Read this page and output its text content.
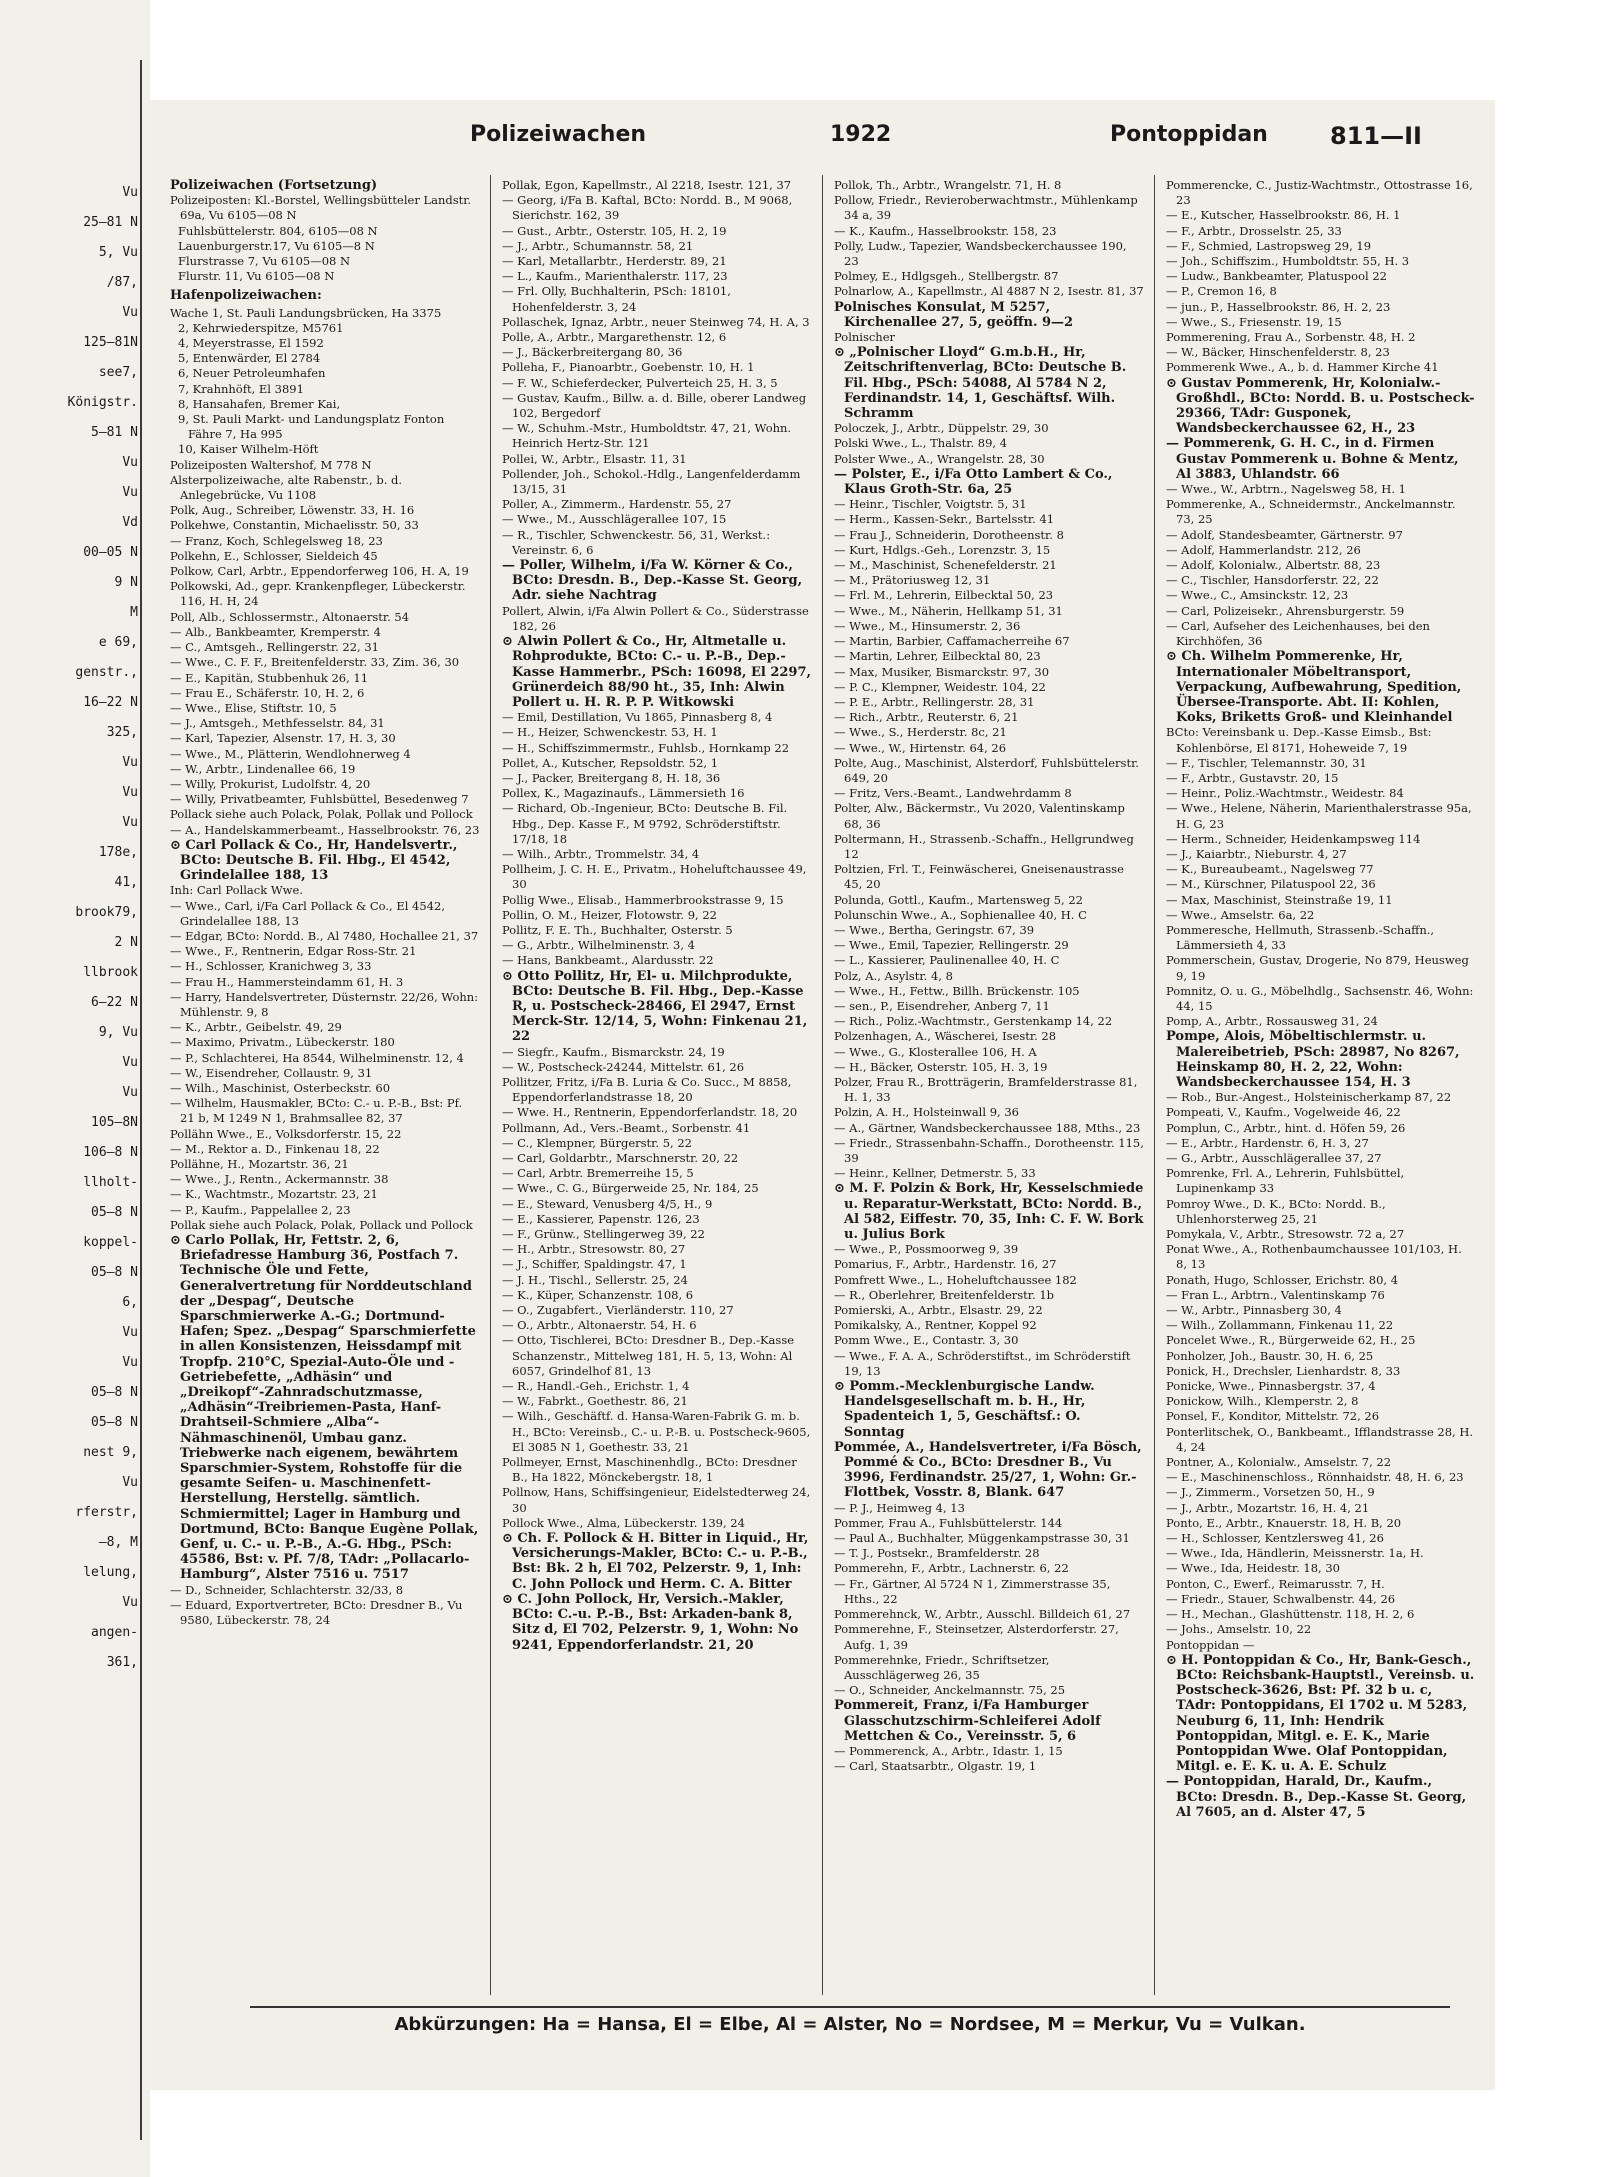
Vu
25—81 N
5, Vu
/87,
Vu
125—81N
see7,
Königstr.
5—81 N
Vu
Vu
Vd
00—05 N
9 N
M
e 69,
genstr.,
16—22 N
325,
Vu
Vu
Vu
178e,
41,
brook79,
2 N
llbrook
6—22 N
9, Vu
Vu
Vu
105—8N
106—8 N
llholt-
05—8 N
koppel-
05—8 N
6,
Vu
Vu
05—8 N
05—8 N
nest 9,
Vu
rferstr,
—8, M
lelung,
Vu
angen-
361,
Polizeiwachen	1922	Pontoppidan	811—II

Polizeiwachen (Fortsetzung)

Polizeiposten: Kl.-Borstel, Wellingsbütteler Landstr. 69a, Vu 6105—08 N

Fuhlsbüttelerstr. 804, 6105—08 N

Lauenburgerstr.17, Vu 6105—8 N

Flurstrasse 7, Vu 6105—08 N

Flurstr. 11, Vu 6105—08 N

Hafenpolizeiwachen:

Wache 1, St. Pauli Landungsbrücken, Ha 3375

2, Kehrwiederspitze, M5761

4, Meyerstrasse, El 1592

5, Entenwärder, El 2784

6, Neuer Petroleumhafen

7, Krahnhöft, El 3891

8, Hansahafen, Bremer Kai,

9, St. Pauli Markt- und Landungsplatz Fonton Fähre 7, Ha 995

10, Kaiser Wilhelm-Höft

Polizeiposten Waltershof, M 778 N

Alsterpolizeiwache, alte Rabenstr., b. d. Anlegebrücke, Vu 1108

Polk, Aug., Schreiber, Löwenstr. 33, H. 16

Polkehwe, Constantin, Michaelisstr. 50, 33

— Franz, Koch, Schlegelsweg 18, 23

Polkehn, E., Schlosser, Sieldeich 45

Polkow, Carl, Arbtr., Eppendorferweg 106, H. A, 19

Polkowski, Ad., gepr. Krankenpfleger, Lübeckerstr. 116, H. H, 24

Poll, Alb., Schlossermstr., Altonaerstr. 54

— Alb., Bankbeamter, Kremperstr. 4

— C., Amtsgeh., Rellingerstr. 22, 31

— Wwe., C. F. F., Breitenfelderstr. 33, Zim. 36, 30

— E., Kapitän, Stubbenhuk 26, 11

— Frau E., Schäferstr. 10, H. 2, 6

— Wwe., Elise, Stiftstr. 10, 5

— J., Amtsgeh., Methfesselstr. 84, 31

— Karl, Tapezier, Alsenstr. 17, H. 3, 30

— Wwe., M., Plätterin, Wendlohnerweg 4

— W., Arbtr., Lindenallee 66, 19

— Willy, Prokurist, Ludolfstr. 4, 20

— Willy, Privatbeamter, Fuhlsbüttel, Besedenweg 7

Pollack siehe auch Polack, Polak, Pollak und Pollock

— A., Handelskammerbeamt., Hasselbrookstr. 76, 23

⊙ Carl Pollack & Co., Hr, Handelsvertr., BCto: Deutsche B. Fil. Hbg., El 4542, Grindelallee 188, 13

Inh: Carl Pollack Wwe.

— Wwe., Carl, i/Fa Carl Pollack & Co., El 4542, Grindelallee 188, 13

— Edgar, BCto: Nordd. B., Al 7480, Hochallee 21, 37

— Wwe., F., Rentnerin, Edgar Ross-Str. 21

— H., Schlosser, Kranichweg 3, 33

— Frau H., Hammersteindamm 61, H. 3

— Harry, Handelsvertreter, Düsternstr. 22/26, Wohn: Mühlenstr. 9, 8

— K., Arbtr., Geibelstr. 49, 29

— Maximo, Privatm., Lübeckerstr. 180

— P., Schlachterei, Ha 8544, Wilhelminenstr. 12, 4

— W., Eisendreher, Collaustr. 9, 31

— Wilh., Maschinist, Osterbeckstr. 60

— Wilhelm, Hausmakler, BCto: C.- u. P.-B., Bst: Pf. 21 b, M 1249 N 1, Brahmsallee 82, 37

Pollähn Wwe., E., Volksdorferstr. 15, 22

— M., Rektor a. D., Finkenau 18, 22

Pollähne, H., Mozartstr. 36, 21

— Wwe., J., Rentn., Ackermannstr. 38

— K., Wachtmstr., Mozartstr. 23, 21

— P., Kaufm., Pappelallee 2, 23

Pollak siehe auch Polack, Polak, Pollack und Pollock

⊙ Carlo Pollak, Hr, Fettstr. 2, 6, Briefadresse Hamburg 36, Postfach 7. Technische Öle und Fette, Generalvertretung für Norddeutschland der „Despag“, Deutsche Sparschmierwerke A.-G.; Dortmund-Hafen; Spez. „Despag“ Sparschmierfette in allen Konsistenzen, Heissdampf mit Tropfp. 210°C, Spezial-Auto-Öle und -Getriebefette, „Adhäsin“ und „Dreikopf“-Zahnradschutzmasse, „Adhäsin“-Treibriemen-Pasta, Hanf-Drahtseil-Schmiere „Alba“-Nähmaschinenöl, Umbau ganz. Triebwerke nach eigenem, bewährtem Sparschmier-System, Rohstoffe für die gesamte Seifen- u. Maschinenfett-Herstellung, Herstellg. sämtlich. Schmiermittel; Lager in Hamburg und Dortmund, BCto: Banque Eugène Pollak, Genf, u. C.- u. P.-B., A.-G. Hbg., PSch: 45586, Bst: v. Pf. 7/8, TAdr: „Pollacarlo-Hamburg“, Alster 7516 u. 7517

— D., Schneider, Schlachterstr. 32/33, 8

— Eduard, Exportvertreter, BCto: Dresdner B., Vu 9580, Lübeckerstr. 78, 24

Pollak, Egon, Kapellmstr., Al 2218, Isestr. 121, 37

— Georg, i/Fa B. Kaftal, BCto: Nordd. B., M 9068, Sierichstr. 162, 39

— Gust., Arbtr., Osterstr. 105, H. 2, 19

— J., Arbtr., Schumannstr. 58, 21

— Karl, Metallarbtr., Herderstr. 89, 21

— L., Kaufm., Marienthalerstr. 117, 23

— Frl. Olly, Buchhalterin, PSch: 18101, Hohenfelderstr. 3, 24

Pollaschek, Ignaz, Arbtr., neuer Steinweg 74, H. A, 3

Polle, A., Arbtr., Margarethenstr. 12, 6

— J., Bäckerbreitergang 80, 36

Polleha, F., Pianoarbtr., Goebenstr. 10, H. 1

— F. W., Schieferdecker, Pulverteich 25, H. 3, 5

— Gustav, Kaufm., Billw. a. d. Bille, oberer Landweg 102, Bergedorf

— W., Schuhm.-Mstr., Humboldtstr. 47, 21, Wohn. Heinrich Hertz-Str. 121

Pollei, W., Arbtr., Elsastr. 11, 31

Pollender, Joh., Schokol.-Hdlg., Langenfelderdamm 13/15, 31

Poller, A., Zimmerm., Hardenstr. 55, 27

— Wwe., M., Ausschlägerallee 107, 15

— R., Tischler, Schwenckestr. 56, 31, Werkst.: Vereinstr. 6, 6

— Poller, Wilhelm, i/Fa W. Körner & Co., BCto: Dresdn. B., Dep.-Kasse St. Georg, Adr. siehe Nachtrag

Pollert, Alwin, i/Fa Alwin Pollert & Co., Süderstrasse 182, 26

⊙ Alwin Pollert & Co., Hr, Altmetalle u. Rohprodukte, BCto: C.- u. P.-B., Dep.-Kasse Hammerbr., PSch: 16098, El 2297, Grünerdeich 88/90 ht., 35, Inh: Alwin Pollert u. H. R. P. P. Witkowski

— Emil, Destillation, Vu 1865, Pinnasberg 8, 4

— H., Heizer, Schwenckestr. 53, H. 1

— H., Schiffszimmermstr., Fuhlsb., Hornkamp 22

Pollet, A., Kutscher, Repsoldstr. 52, 1

— J., Packer, Breitergang 8, H. 18, 36

Pollex, K., Magazinaufs., Lämmersieth 16

— Richard, Ob.-Ingenieur, BCto: Deutsche B. Fil. Hbg., Dep. Kasse F., M 9792, Schröderstiftstr. 17/18, 18

— Wilh., Arbtr., Trommelstr. 34, 4

Pollheim, J. C. H. E., Privatm., Hoheluftchaussee 49, 30

Pollig Wwe., Elisab., Hammerbrookstrasse 9, 15

Pollin, O. M., Heizer, Flotowstr. 9, 22

Pollitz, F. E. Th., Buchhalter, Osterstr. 5

— G., Arbtr., Wilhelminenstr. 3, 4

— Hans, Bankbeamt., Alardusstr. 22

⊙ Otto Pollitz, Hr, El- u. Milchprodukte, BCto: Deutsche B. Fil. Hbg., Dep.-Kasse R, u. Postscheck-28466, El 2947, Ernst Merck-Str. 12/14, 5, Wohn: Finkenau 21, 22

— Siegfr., Kaufm., Bismarckstr. 24, 19

— W., Postscheck-24244, Mittelstr. 61, 26

Pollitzer, Fritz, i/Fa B. Luria & Co. Succ., M 8858, Eppendorferlandstrasse 18, 20

— Wwe. H., Rentnerin, Eppendorferlandstr. 18, 20

Pollmann, Ad., Vers.-Beamt., Sorbenstr. 41

— C., Klempner, Bürgerstr. 5, 22

— Carl, Goldarbtr., Marschnerstr. 20, 22

— Carl, Arbtr. Bremerreihe 15, 5

— Wwe., C. G., Bürgerweide 25, Nr. 184, 25

— E., Steward, Venusberg 4/5, H., 9

— E., Kassierer, Papenstr. 126, 23

— F., Grünw., Stellingerweg 39, 22

— H., Arbtr., Stresowstr. 80, 27

— J., Schiffer, Spaldingstr. 47, 1

— J. H., Tischl., Sellerstr. 25, 24

— K., Küper, Schanzenstr. 108, 6

— O., Zugabfert., Vierländerstr. 110, 27

— O., Arbtr., Altonaerstr. 54, H. 6

— Otto, Tischlerei, BCto: Dresdner B., Dep.-Kasse Schanzenstr., Mittelweg 181, H. 5, 13, Wohn: Al 6057, Grindelhof 81, 13

— R., Handl.-Geh., Erichstr. 1, 4

— W., Fabrkt., Goethestr. 86, 21

— Wilh., Geschäftf. d. Hansa-Waren-Fabrik G. m. b. H., BCto: Vereinsb., C.- u. P.-B. u. Postscheck-9605, El 3085 N 1, Goethestr. 33, 21

Pollmeyer, Ernst, Maschinenhdlg., BCto: Dresdner B., Ha 1822, Mönckebergstr. 18, 1

Pollnow, Hans, Schiffsingenieur, Eidelstedterweg 24, 30

Pollock Wwe., Alma, Lübeckerstr. 139, 24

⊙ Ch. F. Pollock & H. Bitter in Liquid., Hr, Versicherungs-Makler, BCto: C.- u. P.-B., Bst: Bk. 2 h, El 702, Pelzerstr. 9, 1, Inh: C. John Pollock und Herm. C. A. Bitter

⊙ C. John Pollock, Hr, Versich.-Makler, BCto: C.-u. P.-B., Bst: Arkaden-bank 8, Sitz d, El 702, Pelzerstr. 9, 1, Wohn: No 9241, Eppendorferlandstr. 21, 20

Pollok, Th., Arbtr., Wrangelstr. 71, H. 8

Pollow, Friedr., Revieroberwachtmstr., Mühlenkamp 34 a, 39

— K., Kaufm., Hasselbrookstr. 158, 23

Polly, Ludw., Tapezier, Wandsbeckerchaussee 190, 23

Polmey, E., Hdlgsgeh., Stellbergstr. 87

Polnarlow, A., Kapellmstr., Al 4887 N 2, Isestr. 81, 37

Polnisches Konsulat, M 5257, Kirchenallee 27, 5, geöffn. 9—2

Polnischer

⊙ „Polnischer Lloyd“ G.m.b.H., Hr, Zeitschriftenverlag, BCto: Deutsche B. Fil. Hbg., PSch: 54088, Al 5784 N 2, Ferdinandstr. 14, 1, Geschäftsf. Wilh. Schramm

Poloczek, J., Arbtr., Düppelstr. 29, 30

Polski Wwe., L., Thalstr. 89, 4

Polster Wwe., A., Wrangelstr. 28, 30

— Polster, E., i/Fa Otto Lambert & Co., Klaus Groth-Str. 6a, 25

— Heinr., Tischler, Voigtstr. 5, 31

— Herm., Kassen-Sekr., Bartelsstr. 41

— Frau J., Schneiderin, Dorotheenstr. 8

— Kurt, Hdlgs.-Geh., Lorenzstr. 3, 15

— M., Maschinist, Schenefelderstr. 21

— M., Prätoriusweg 12, 31

— Frl. M., Lehrerin, Eilbecktal 50, 23

— Wwe., M., Näherin, Hellkamp 51, 31

— Wwe., M., Hinsumerstr. 2, 36

— Martin, Barbier, Caffamacherreihe 67

— Martin, Lehrer, Eilbecktal 80, 23

— Max, Musiker, Bismarckstr. 97, 30

— P. C., Klempner, Weidestr. 104, 22

— P. E., Arbtr., Rellingerstr. 28, 31

— Rich., Arbtr., Reuterstr. 6, 21

— Wwe., S., Herderstr. 8c, 21

— Wwe., W., Hirtenstr. 64, 26

Polte, Aug., Maschinist, Alsterdorf, Fuhlsbüttelerstr. 649, 20

— Fritz, Vers.-Beamt., Landwehrdamm 8

Polter, Alw., Bäckermstr., Vu 2020, Valentinskamp 68, 36

Poltermann, H., Strassenb.-Schaffn., Hellgrundweg 12

Poltzien, Frl. T., Feinwäscherei, Gneisenaustrasse 45, 20

Polunda, Gottl., Kaufm., Martensweg 5, 22

Polunschin Wwe., A., Sophienallee 40, H. C

— Wwe., Bertha, Geringstr. 67, 39

— Wwe., Emil, Tapezier, Rellingerstr. 29

— L., Kassierer, Paulinenallee 40, H. C

Polz, A., Asylstr. 4, 8

— Wwe., H., Fettw., Billh. Brückenstr. 105

— sen., P., Eisendreher, Anberg 7, 11

— Rich., Poliz.-Wachtmstr., Gerstenkamp 14, 22

Polzenhagen, A., Wäscherei, Isestr. 28

— Wwe., G., Klosterallee 106, H. A

— H., Bäcker, Osterstr. 105, H. 3, 19

Polzer, Frau R., Brotträgerin, Bramfelderstrasse 81, H. 1, 33

Polzin, A. H., Holsteinwall 9, 36

— A., Gärtner, Wandsbeckerchaussee 188, Mths., 23

— Friedr., Strassenbahn-Schaffn., Dorotheenstr. 115, 39

— Heinr., Kellner, Detmerstr. 5, 33

⊙ M. F. Polzin & Bork, Hr, Kesselschmiede u. Reparatur-Werkstatt, BCto: Nordd. B., Al 582, Eiffestr. 70, 35, Inh: C. F. W. Bork u. Julius Bork

— Wwe., P., Possmoorweg 9, 39

Pomarius, F., Arbtr., Hardenstr. 16, 27

Pomfrett Wwe., L., Hoheluftchaussee 182

— R., Oberlehrer, Breitenfelderstr. 1b

Pomierski, A., Arbtr., Elsastr. 29, 22

Pomikalsky, A., Rentner, Koppel 92

Pomm Wwe., E., Contastr. 3, 30

— Wwe., F. A. A., Schröderstiftst., im Schröderstift 19, 13

⊙ Pomm.-Mecklenburgische Landw. Handelsgesellschaft m. b. H., Hr, Spadenteich 1, 5, Geschäftsf.: O. Sonntag

Pommée, A., Handelsvertreter, i/Fa Bösch, Pommé & Co., BCto: Dresdner B., Vu 3996, Ferdinandstr. 25/27, 1, Wohn: Gr.-Flottbek, Vosstr. 8, Blank. 647

— P. J., Heimweg 4, 13

Pommer, Frau A., Fuhlsbüttelerstr. 144

— Paul A., Buchhalter, Müggenkampstrasse 30, 31

— T. J., Postsekr., Bramfelderstr. 28

Pommerehn, F., Arbtr., Lachnerstr. 6, 22

— Fr., Gärtner, Al 5724 N 1, Zimmerstrasse 35, Hths., 22

Pommerehnck, W., Arbtr., Ausschl. Billdeich 61, 27

Pommerehne, F., Steinsetzer, Alsterdorferstr. 27, Aufg. 1, 39

Pommerehnke, Friedr., Schriftsetzer, Ausschlägerweg 26, 35

— O., Schneider, Anckelmannstr. 75, 25

Pommereit, Franz, i/Fa Hamburger Glasschutzschirm-Schleiferei Adolf Mettchen & Co., Vereinsstr. 5, 6

— Pommerenck, A., Arbtr., Idastr. 1, 15

— Carl, Staatsarbtr., Olgastr. 19, 1

Pommerencke, C., Justiz-Wachtmstr., Ottostrasse 16, 23

— E., Kutscher, Hasselbrookstr. 86, H. 1

— F., Arbtr., Drosselstr. 25, 33

— F., Schmied, Lastropsweg 29, 19

— Joh., Schiffszim., Humboldtstr. 55, H. 3

— Ludw., Bankbeamter, Platuspool 22

— P., Cremon 16, 8

— jun., P., Hasselbrookstr. 86, H. 2, 23

— Wwe., S., Friesenstr. 19, 15

Pommerening, Frau A., Sorbenstr. 48, H. 2

— W., Bäcker, Hinschenfelderstr. 8, 23

Pommerenk Wwe., A., b. d. Hammer Kirche 41

⊙ Gustav Pommerenk, Hr, Kolonialw.-Großhdl., BCto: Nordd. B. u. Postscheck-29366, TAdr: Gusponek, Wandsbeckerchaussee 62, H., 23

— Pommerenk, G. H. C., in d. Firmen Gustav Pommerenk u. Bohne & Mentz, Al 3883, Uhlandstr. 66

— Wwe., W., Arbtrn., Nagelsweg 58, H. 1

Pommerenke, A., Schneidermstr., Anckelmannstr. 73, 25

— Adolf, Standesbeamter, Gärtnerstr. 97

— Adolf, Hammerlandstr. 212, 26

— Adolf, Kolonialw., Albertstr. 88, 23

— C., Tischler, Hansdorferstr. 22, 22

— Wwe., C., Amsinckstr. 12, 23

— Carl, Polizeisekr., Ahrensburgerstr. 59

— Carl, Aufseher des Leichenhauses, bei den Kirchhöfen, 36

⊙ Ch. Wilhelm Pommerenke, Hr, Internationaler Möbeltransport, Verpackung, Aufbewahrung, Spedition, Übersee-Transporte. Abt. II: Kohlen, Koks, Briketts Groß- und Kleinhandel

BCto: Vereinsbank u. Dep.-Kasse Eimsb., Bst: Kohlenbörse, El 8171, Hoheweide 7, 19

— F., Tischler, Telemannstr. 30, 31

— F., Arbtr., Gustavstr. 20, 15

— Heinr., Poliz.-Wachtmstr., Weidestr. 84

— Wwe., Helene, Näherin, Marienthalerstrasse 95a, H. G, 23

— Herm., Schneider, Heidenkampsweg 114

— J., Kaiarbtr., Nieburstr. 4, 27

— K., Bureaubeamt., Nagelsweg 77

— M., Kürschner, Pilatuspool 22, 36

— Max, Maschinist, Steinstraße 19, 11

— Wwe., Amselstr. 6a, 22

Pommeresche, Hellmuth, Strassenb.-Schaffn., Lämmersieth 4, 33

Pommerschein, Gustav, Drogerie, No 879, Heusweg 9, 19

Pomnitz, O. u. G., Möbelhdlg., Sachsenstr. 46, Wohn: 44, 15

Pomp, A., Arbtr., Rossausweg 31, 24

Pompe, Alois, Möbeltischlermstr. u. Malereibetrieb, PSch: 28987, No 8267, Heinskamp 80, H. 2, 22, Wohn: Wandsbeckerchaussee 154, H. 3

— Rob., Bur.-Angest., Holsteinischerkamp 87, 22

Pompeati, V., Kaufm., Vogelweide 46, 22

Pomplun, C., Arbtr., hint. d. Höfen 59, 26

— E., Arbtr., Hardenstr. 6, H. 3, 27

— G., Arbtr., Ausschlägerallee 37, 27

Pomrenke, Frl. A., Lehrerin, Fuhlsbüttel, Lupinenkamp 33

Pomroy Wwe., D. K., BCto: Nordd. B., Uhlenhorsterweg 25, 21

Pomykala, V., Arbtr., Stresowstr. 72 a, 27

Ponat Wwe., A., Rothenbaumchaussee 101/103, H. 8, 13

Ponath, Hugo, Schlosser, Erichstr. 80, 4

— Fran L., Arbtrn., Valentinskamp 76

— W., Arbtr., Pinnasberg 30, 4

— Wilh., Zollammann, Finkenau 11, 22

Poncelet Wwe., R., Bürgerweide 62, H., 25

Ponholzer, Joh., Baustr. 30, H. 6, 25

Ponick, H., Drechsler, Lienhardstr. 8, 33

Ponicke, Wwe., Pinnasbergstr. 37, 4

Ponickow, Wilh., Klemperstr. 2, 8

Ponsel, F., Konditor, Mittelstr. 72, 26

Ponterlitschek, O., Bankbeamt., Ifflandstrasse 28, H. 4, 24

Pontner, A., Kolonialw., Amselstr. 7, 22

— E., Maschinenschloss., Rönnhaidstr. 48, H. 6, 23

— J., Zimmerm., Vorsetzen 50, H., 9

— J., Arbtr., Mozartstr. 16, H. 4, 21

Ponto, E., Arbtr., Knauerstr. 18, H. B, 20

— H., Schlosser, Kentzlersweg 41, 26

— Wwe., Ida, Händlerin, Meissnerstr. 1a, H.

— Wwe., Ida, Heidestr. 18, 30

Ponton, C., Ewerf., Reimarusstr. 7, H.

— Friedr., Stauer, Schwalbenstr. 44, 26

— H., Mechan., Glashüttenstr. 118, H. 2, 6

— Johs., Amselstr. 10, 22

Pontoppidan —

⊙ H. Pontoppidan & Co., Hr, Bank-Gesch., BCto: Reichsbank-Hauptstl., Vereinsb. u. Postscheck-3626, Bst: Pf. 32 b u. c, TAdr: Pontoppidans, El 1702 u. M 5283, Neuburg 6, 11, Inh: Hendrik Pontoppidan, Mitgl. e. E. K., Marie Pontoppidan Wwe. Olaf Pontoppidan, Mitgl. e. E. K. u. A. E. Schulz

— Pontoppidan, Harald, Dr., Kaufm., BCto: Dresdn. B., Dep.-Kasse St. Georg, Al 7605, an d. Alster 47, 5

Abkürzungen: Ha = Hansa, El = Elbe, Al = Alster, No = Nordsee, M = Merkur, Vu = Vulkan.
